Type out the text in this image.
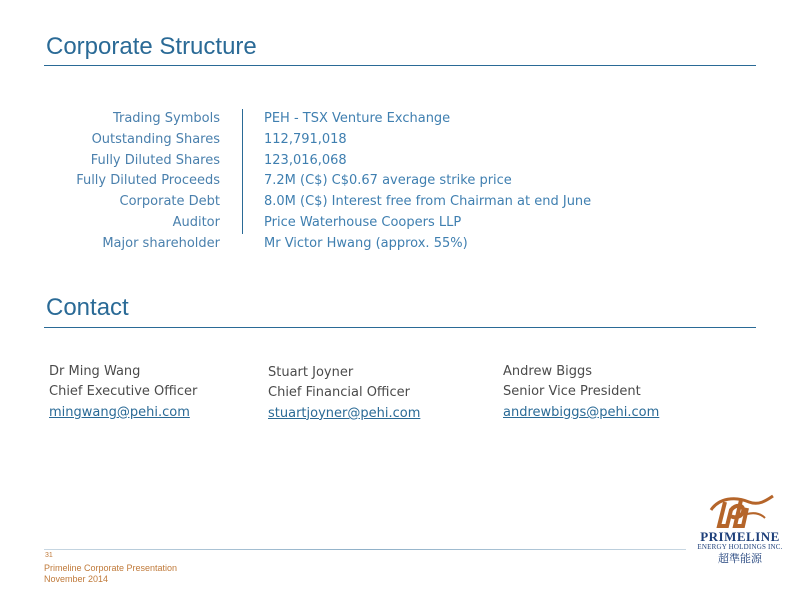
Corporate Structure
Trading Symbols	PEH - TSX Venture Exchange
Outstanding Shares	112,791,018
Fully Diluted Shares	123,016,068
Fully Diluted Proceeds	7.2M (C$) C$0.67 average strike price
Corporate Debt	8.0M (C$) Interest free from Chairman at end June
Auditor	Price Waterhouse Coopers LLP
Major shareholder	Mr Victor Hwang (approx. 55%)
Contact
Dr Ming Wang
Chief Executive Officer
mingwang@pehi.com
Stuart Joyner
Chief Financial Officer
stuartjoyner@pehi.com
Andrew Biggs
Senior Vice President
andrewbiggs@pehi.com
31
Primeline Corporate Presentation
November 2014
PRIMELINE
ENERGY HOLDINGS INC.
超準能源
